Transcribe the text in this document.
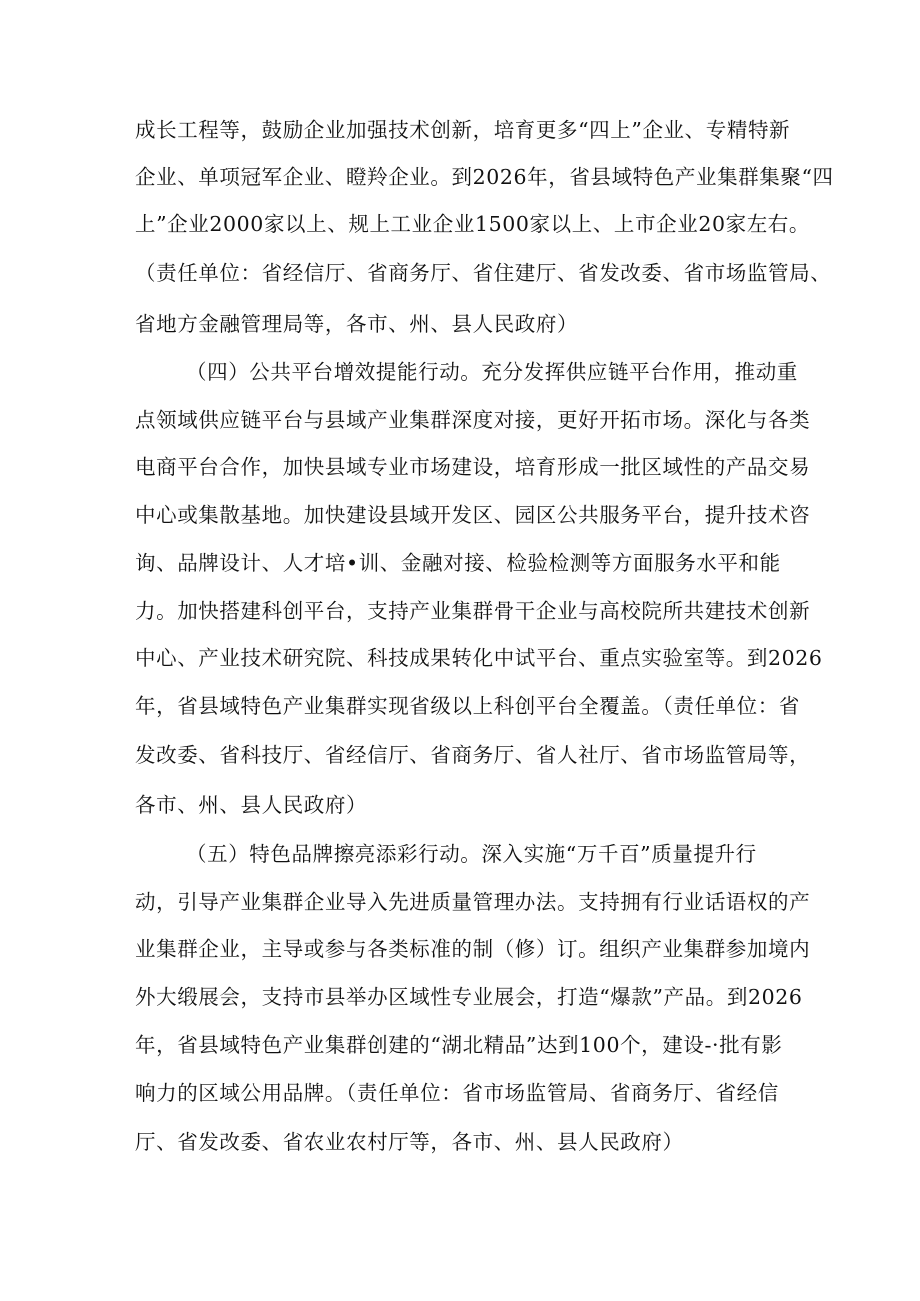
成长工程等，鼓励企业加强技术创新，培育更多“四上”企业、专精特新
企业、单项冠军企业、瞪羚企业。到2026年，省县域特色产业集群集聚“四
上”企业2000家以上、规上工业企业1500家以上、上市企业20家左右。
（责任单位：省经信厅、省商务厅、省住建厅、省发改委、省市场监管局、
省地方金融管理局等，各市、州、县人民政府）
（四）公共平台增效提能行动。充分发挥供应链平台作用，推动重
点领域供应链平台与县域产业集群深度对接，更好开拓市场。深化与各类
电商平台合作，加快县域专业市场建设，培育形成一批区域性的产品交易
中心或集散基地。加快建设县域开发区、园区公共服务平台，提升技术咨
询、品牌设计、人才培•训、金融对接、检验检测等方面服务水平和能
力。加快搭建科创平台，支持产业集群骨干企业与高校院所共建技术创新
中心、产业技术研究院、科技成果转化中试平台、重点实验室等。到2026
年，省县域特色产业集群实现省级以上科创平台全覆盖。（责任单位：省
发改委、省科技厅、省经信厅、省商务厅、省人社厅、省市场监管局等，
各市、州、县人民政府）
（五）特色品牌擦亮添彩行动。深入实施“万千百”质量提升行
动，引导产业集群企业导入先进质量管理办法。支持拥有行业话语权的产
业集群企业，主导或参与各类标准的制（修）订。组织产业集群参加境内
外大缎展会，支持市县举办区域性专业展会，打造“爆款”产品。到2026
年，省县域特色产业集群创建的“湖北精品”达到100个，建设-·批有影
响力的区域公用品牌。（责任单位：省市场监管局、省商务厅、省经信
厅、省发改委、省农业农村厅等，各市、州、县人民政府）
